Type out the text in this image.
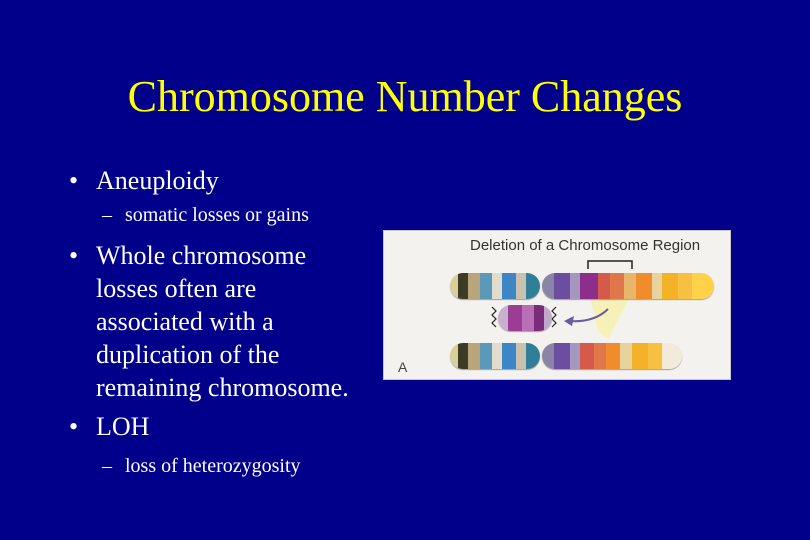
Chromosome Number Changes
• Aneuploidy
– somatic losses or gains
• Whole chromosome
losses often are
associated with a
duplication of the
remaining chromosome.
• LOH
– loss of heterozygosity
Deletion of a Chromosome Region
A
